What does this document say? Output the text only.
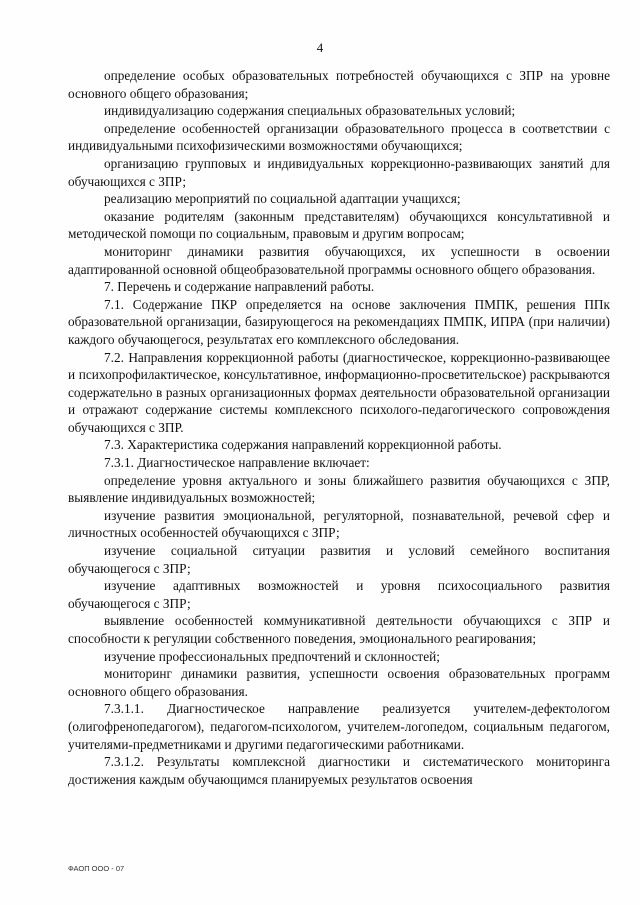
4

определение особых образовательных потребностей обучающихся с ЗПР на уровне основного общего образования;

индивидуализацию содержания специальных образовательных условий;

определение особенностей организации образовательного процесса в соответствии с индивидуальными психофизическими возможностями обучающихся;

организацию групповых и индивидуальных коррекционно-развивающих занятий для обучающихся с ЗПР;

реализацию мероприятий по социальной адаптации учащихся;

оказание родителям (законным представителям) обучающихся консультативной и методической помощи по социальным, правовым и другим вопросам;

мониторинг динамики развития обучающихся, их успешности в освоении адаптированной основной общеобразовательной программы основного общего образования.

7. Перечень и содержание направлений работы.

7.1. Содержание ПКР определяется на основе заключения ПМПК, решения ППк образовательной организации, базирующегося на рекомендациях ПМПК, ИПРА (при наличии) каждого обучающегося, результатах его комплексного обследования.

7.2. Направления коррекционной работы (диагностическое, коррекционно-развивающее и психопрофилактическое, консультативное, информационно-просветительское) раскрываются содержательно в разных организационных формах деятельности образовательной организации и отражают содержание системы комплексного психолого-педагогического сопровождения обучающихся с ЗПР.

7.3. Характеристика содержания направлений коррекционной работы.

7.3.1. Диагностическое направление включает:

определение уровня актуального и зоны ближайшего развития обучающихся с ЗПР, выявление индивидуальных возможностей;

изучение развития эмоциональной, регуляторной, познавательной, речевой сфер и личностных особенностей обучающихся с ЗПР;

изучение социальной ситуации развития и условий семейного воспитания обучающегося с ЗПР;

изучение адаптивных возможностей и уровня психосоциального развития обучающегося с ЗПР;

выявление особенностей коммуникативной деятельности обучающихся с ЗПР и способности к регуляции собственного поведения, эмоционального реагирования;

изучение профессиональных предпочтений и склонностей;

мониторинг динамики развития, успешности освоения образовательных программ основного общего образования.

7.3.1.1. Диагностическое направление реализуется учителем-дефектологом (олигофренопедагогом), педагогом-психологом, учителем-логопедом, социальным педагогом, учителями-предметниками и другими педагогическими работниками.

7.3.1.2. Результаты комплексной диагностики и систематического мониторинга достижения каждым обучающимся планируемых результатов освоения

ФАОП ООО - 07
